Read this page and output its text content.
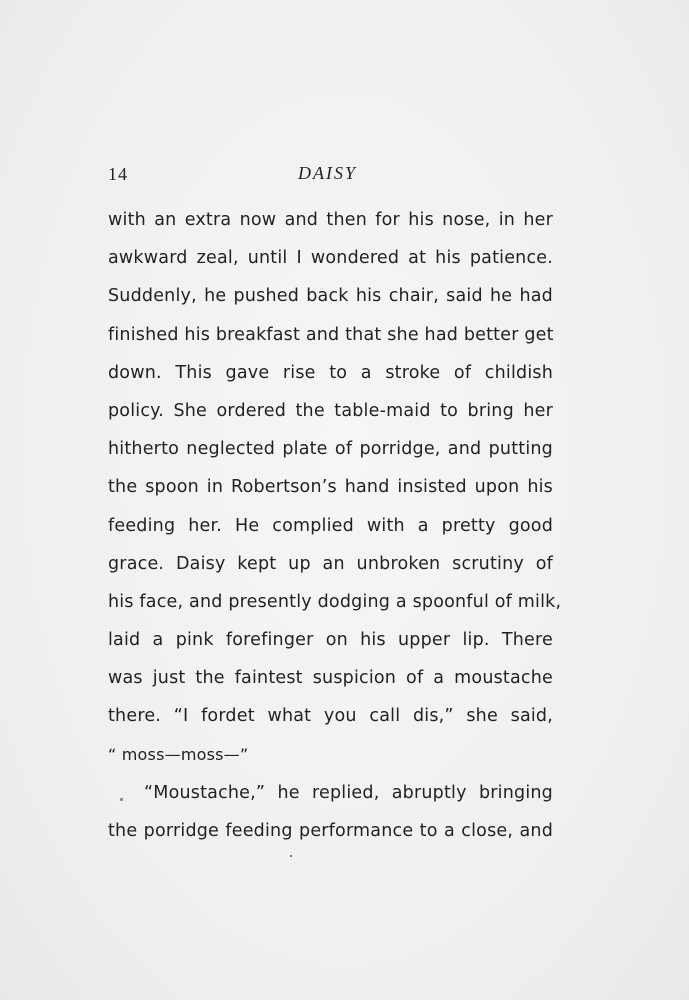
14	DAISY
with an extra now and then for his nose, in her
awkward zeal, until I wondered at his patience.
Suddenly, he pushed back his chair, said he had
finished his breakfast and that she had better get
down. This gave rise to a stroke of childish
policy. She ordered the table-maid to bring her
hitherto neglected plate of porridge, and putting
the spoon in Robertson’s hand insisted upon his
feeding her. He complied with a pretty good
grace. Daisy kept up an unbroken scrutiny of
his face, and presently dodging a spoonful of milk,
laid a pink forefinger on his upper lip. There
was just the faintest suspicion of a moustache
there. “I fordet what you call dis,” she said,
“ moss—moss—”
“Moustache,” he replied, abruptly bringing
the porridge feeding performance to a close, and
